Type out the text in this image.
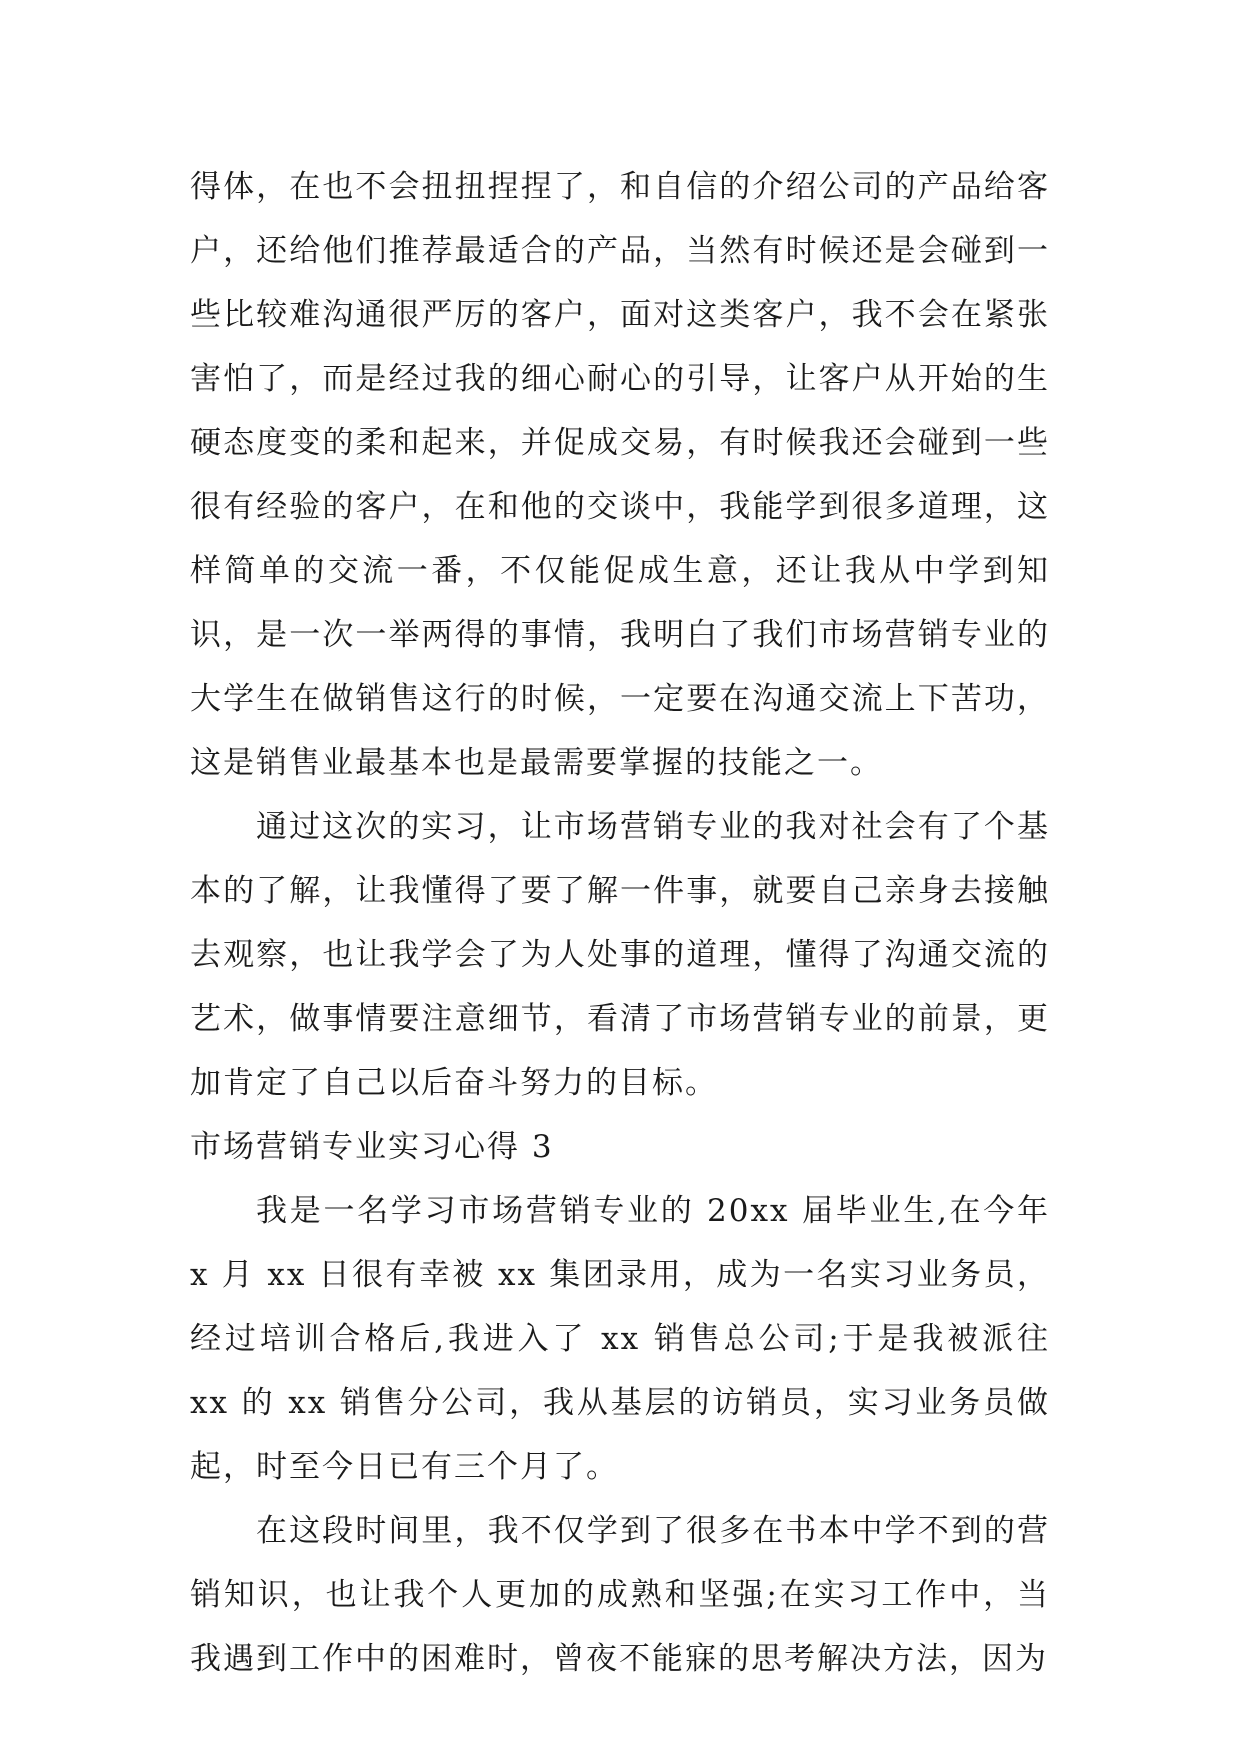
得体，在也不会扭扭捏捏了，和自信的介绍公司的产品给客户，还给他们推荐最适合的产品，当然有时候还是会碰到一些比较难沟通很严厉的客户，面对这类客户，我不会在紧张害怕了，而是经过我的细心耐心的引导，让客户从开始的生硬态度变的柔和起来，并促成交易，有时候我还会碰到一些很有经验的客户，在和他的交谈中，我能学到很多道理，这样简单的交流一番，不仅能促成生意，还让我从中学到知识，是一次一举两得的事情，我明白了我们市场营销专业的大学生在做销售这行的时候，一定要在沟通交流上下苦功，这是销售业最基本也是最需要掌握的技能之一。

通过这次的实习，让市场营销专业的我对社会有了个基本的了解，让我懂得了要了解一件事，就要自己亲身去接触去观察，也让我学会了为人处事的道理，懂得了沟通交流的艺术，做事情要注意细节，看清了市场营销专业的前景，更加肯定了自己以后奋斗努力的目标。

市场营销专业实习心得 3

我是一名学习市场营销专业的 20xx 届毕业生,在今年 x 月 xx 日很有幸被 xx 集团录用，成为一名实习业务员，经过培训合格后,我进入了 xx 销售总公司;于是我被派往 xx 的 xx 销售分公司，我从基层的访销员，实习业务员做起，时至今日已有三个月了。

在这段时间里，我不仅学到了很多在书本中学不到的营销知识，也让我个人更加的成熟和坚强;在实习工作中，当我遇到工作中的困难时，曾夜不能寐的思考解决方法，因为
